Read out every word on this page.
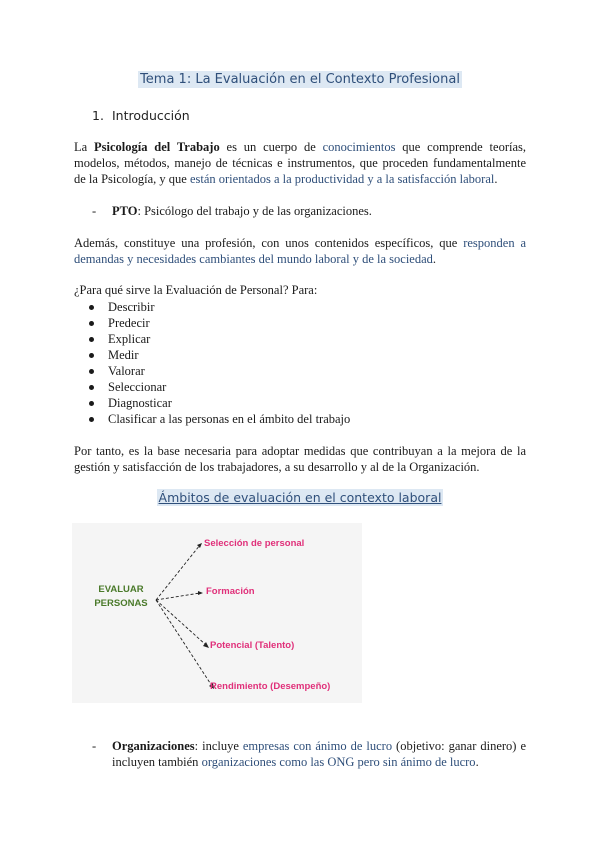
Tema 1: La Evaluación en el Contexto Profesional
1. Introducción
La Psicología del Trabajo es un cuerpo de conocimientos que comprende teorías, modelos, métodos, manejo de técnicas e instrumentos, que proceden fundamentalmente de la Psicología, y que están orientados a la productividad y a la satisfacción laboral.
- PTO: Psicólogo del trabajo y de las organizaciones.
Además, constituye una profesión, con unos contenidos específicos, que responden a demandas y necesidades cambiantes del mundo laboral y de la sociedad.
¿Para qué sirve la Evaluación de Personal? Para:
Describir
Predecir
Explicar
Medir
Valorar
Seleccionar
Diagnosticar
Clasificar a las personas en el ámbito del trabajo
Por tanto, es la base necesaria para adoptar medidas que contribuyan a la mejora de la gestión y satisfacción de los trabajadores, a su desarrollo y al de la Organización.
Ámbitos de evaluación en el contexto laboral
EVALUAR
PERSONAS
Selección de personal
Formación
Potencial (Talento)
Rendimiento (Desempeño)
- Organizaciones: incluye empresas con ánimo de lucro (objetivo: ganar dinero) e incluyen también organizaciones como las ONG pero sin ánimo de lucro.
